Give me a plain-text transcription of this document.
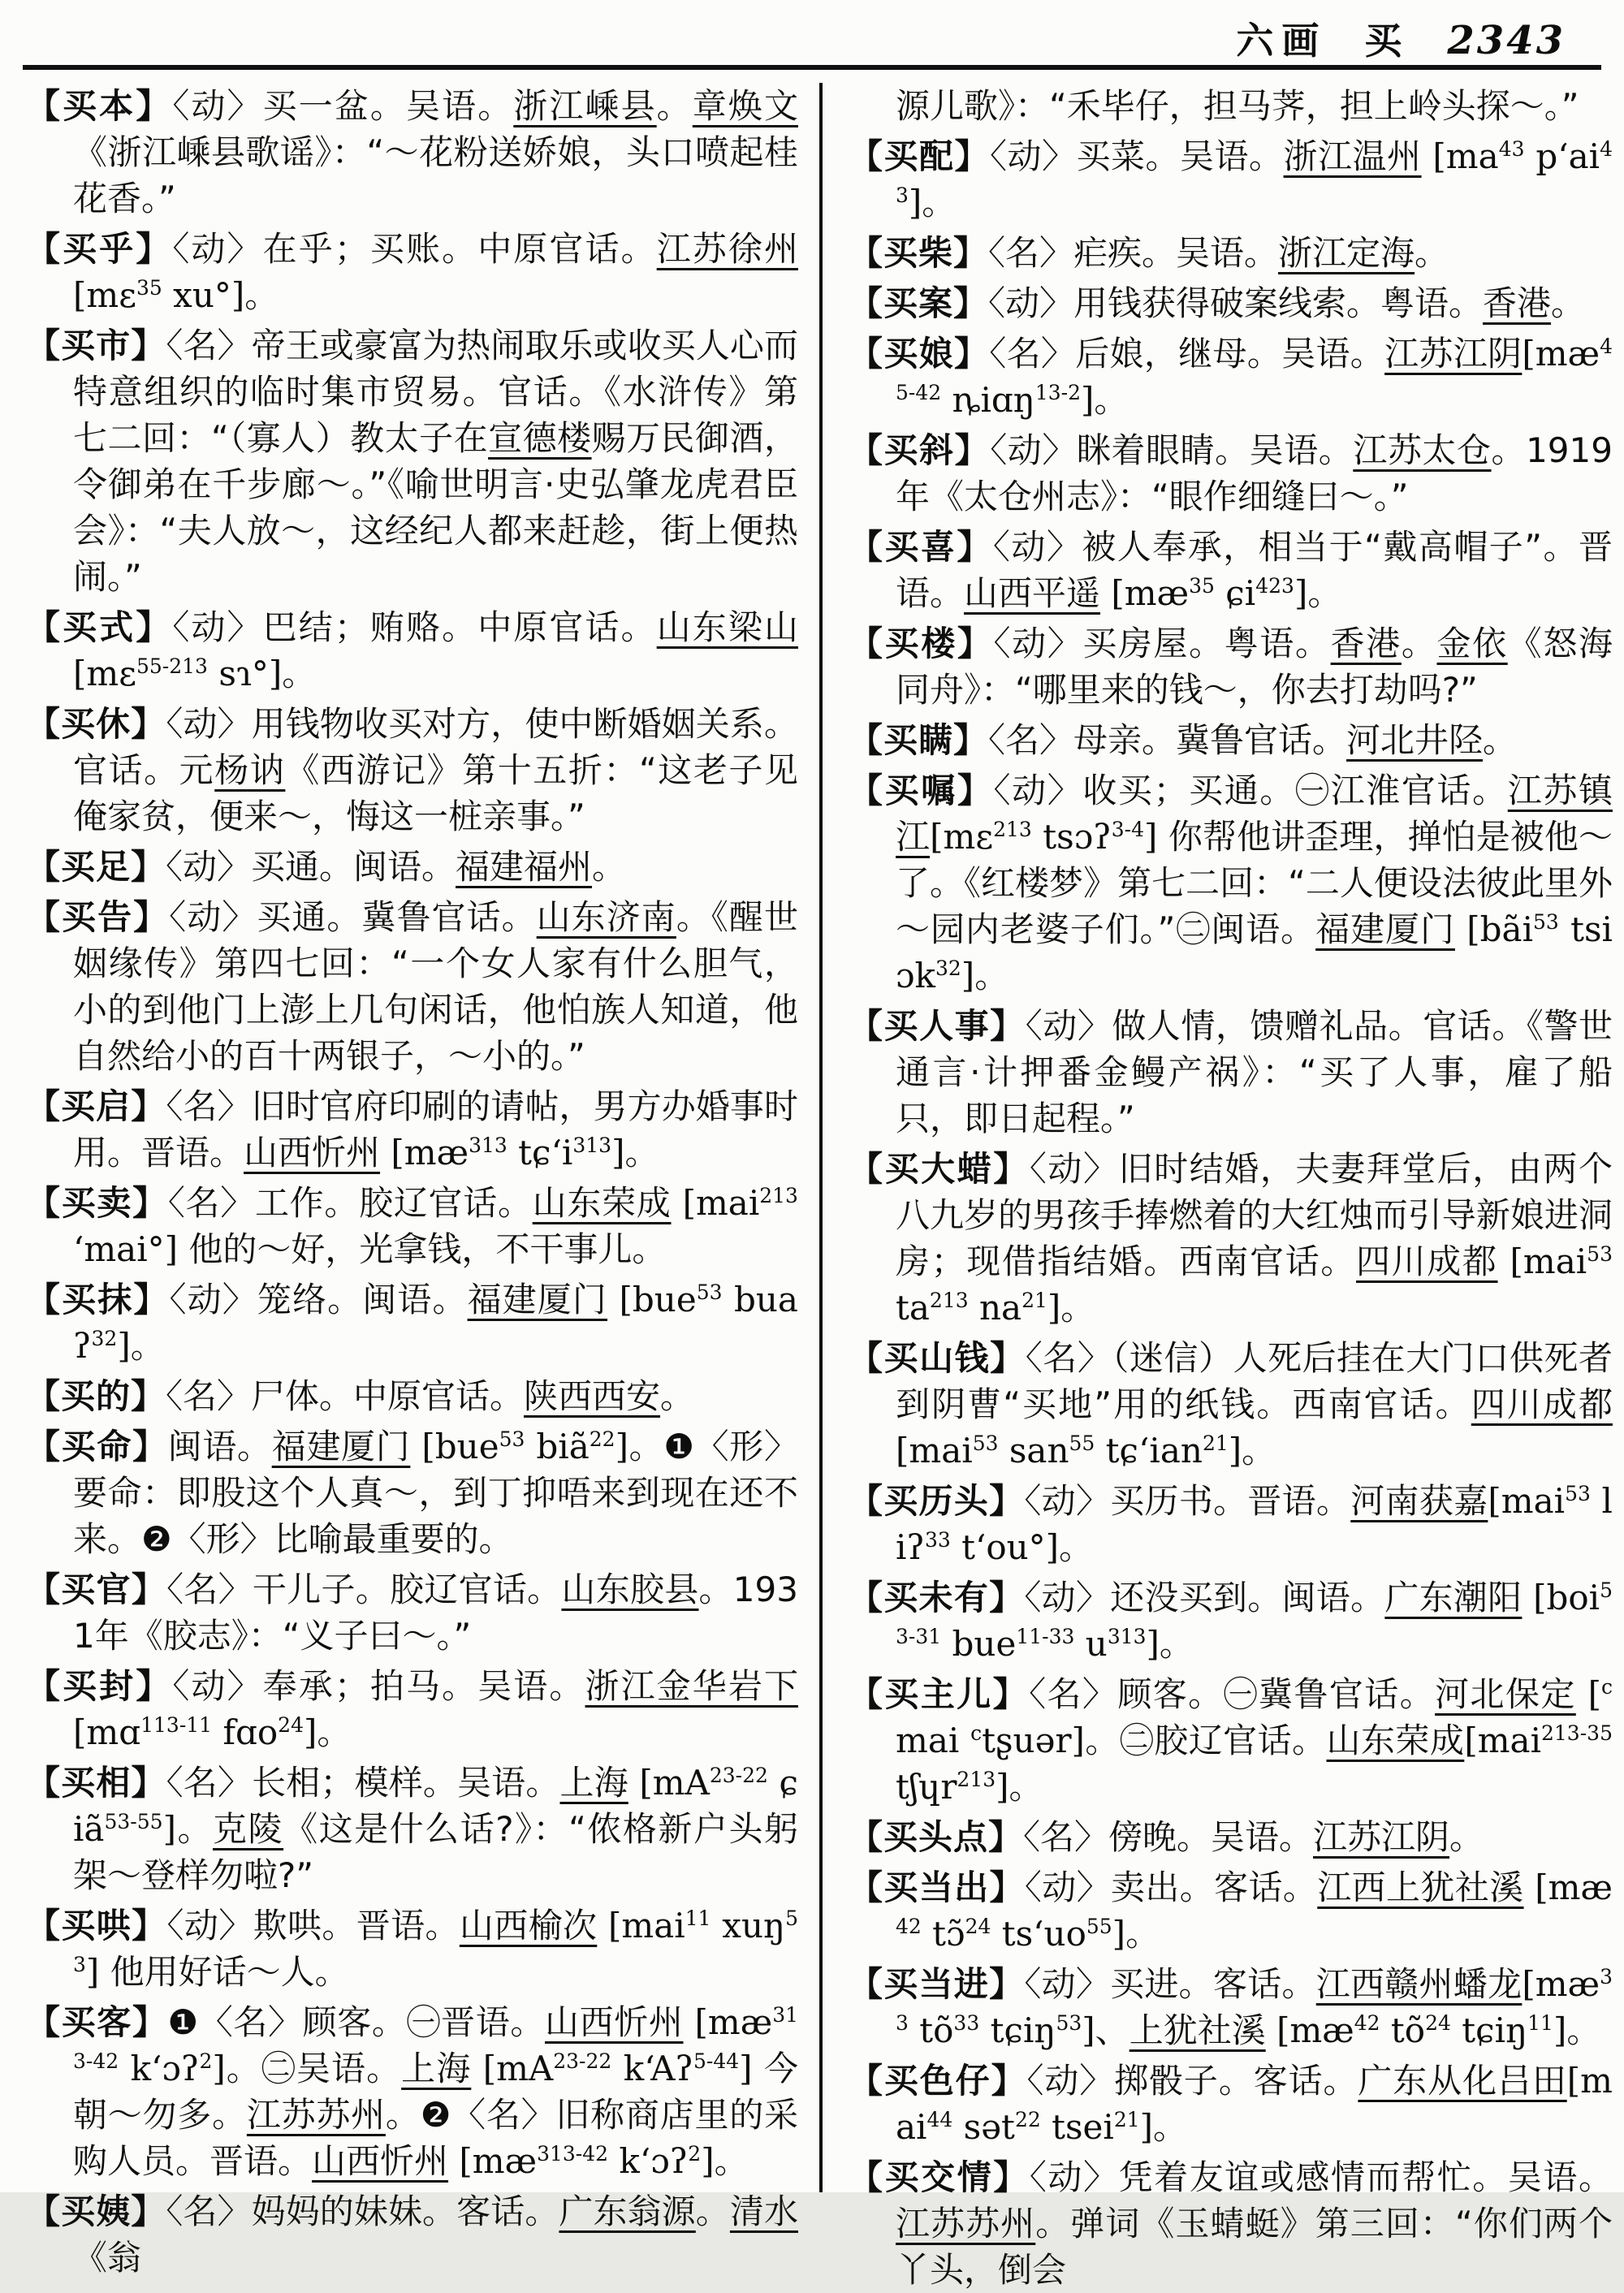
六画 买 2343

【买本】〈动〉买一盆。吴语。浙江嵊县。章焕文《浙江嵊县歌谣》：“～花粉送娇娘，头口喷起桂花香。”

【买乎】〈动〉在乎；买账。中原官话。江苏徐州 [mɛ$^{35}$ xu°]。

【买市】〈名〉帝王或豪富为热闹取乐或收买人心而特意组织的临时集市贸易。官话。《水浒传》第七二回：“（寡人）教太子在宣德楼赐万民御酒，令御弟在千步廊～。”《喻世明言·史弘肇龙虎君臣会》：“夫人放～，这经纪人都来赶趁，街上便热闹。”

【买式】〈动〉巴结；贿赂。中原官话。山东梁山[mɛ$^{55-213}$ sɿ°]。

【买休】〈动〉用钱物收买对方，使中断婚姻关系。官话。元杨讷《西游记》第十五折：“这老子见俺家贫，便来～，悔这一桩亲事。”

【买足】〈动〉买通。闽语。福建福州。

【买告】〈动〉买通。冀鲁官话。山东济南。《醒世姻缘传》第四七回：“一个女人家有什么胆气，小的到他门上澎上几句闲话，他怕族人知道，他自然给小的百十两银子，～小的。”

【买启】〈名〉旧时官府印刷的请帖，男方办婚事时用。晋语。山西忻州 [$mæ^{313}$ $tɕ‘i^{313}$]。

【买卖】〈名〉工作。胶辽官话。山东荣成 [mai$^{213}$ ‘mai°] 他的～好，光拿钱，不干事儿。

【买抹】〈动〉笼络。闽语。福建厦门 [bue$^{53}$ buaʔ$^{32}$]。

【买的】〈名〉尸体。中原官话。陕西西安。

【买命】闽语。福建厦门 [bue$^{53}$ biã$^{22}$]。❶〈形〉要命：即股这个人真～，到丁抑唔来到现在还不来。❷〈形〉比喻最重要的。

【买官】〈名〉干儿子。胶辽官话。山东胶县。1931年《胶志》：“义子曰～。”

【买封】〈动〉奉承；拍马。吴语。浙江金华岩下[mɑ$^{113-11}$ fɑo$^{24}$]。

【买相】〈名〉长相；模样。吴语。上海 [$mA^{23-22}$ ɕiã$^{53-55}$]。克陵《这是什么话?》：“侬格新户头躬架～登样勿啦?”

【买哄】〈动〉欺哄。晋语。山西榆次 [mai$^{11}$ xuŋ$^{53}$] 他用好话～人。

【买客】❶〈名〉顾客。㊀晋语。山西忻州 [$mæ^{313-42}$ k‘ɔʔ$^2$]。㊁吴语。上海 [$mA^{23-22}$ k‘Aʔ$^{5-44}$] 今朝～勿多。江苏苏州。❷〈名〉旧称商店里的采购人员。晋语。山西忻州 [$mæ^{313-42}$ k‘ɔʔ$^2$]。

【买姨】〈名〉妈妈的妹妹。客话。广东翁源。清水《翁

源儿歌》：“禾毕仔，担马荠，担上岭头探～。”

【买配】〈动〉买菜。吴语。浙江温州 [$ma^{43}$ $p‘ai^{43}$]。

【买柴】〈名〉疟疾。吴语。浙江定海。

【买案】〈动〉用钱获得破案线索。粤语。香港。

【买娘】〈名〉后娘，继母。吴语。江苏江阴[$mæ^{45-42}$ ȵiɑŋ$^{13-2}$]。

【买斜】〈动〉眯着眼睛。吴语。江苏太仓。1919年《太仓州志》：“眼作细缝曰～。”

【买喜】〈动〉被人奉承，相当于“戴高帽子”。晋语。山西平遥 [$mæ^{35}$ ɕi$^{423}$]。

【买楼】〈动〉买房屋。粤语。香港。金依《怒海同舟》：“哪里来的钱～，你去打劫吗?”

【买瞒】〈名〉母亲。冀鲁官话。河北井陉。

【买嘱】〈动〉收买；买通。㊀江淮官话。江苏镇江[mɛ$^{213}$ tsɔʔ$^{3-4}$] 你帮他讲歪理，掸怕是被他～了。《红楼梦》第七二回：“二人便设法彼此里外～园内老婆子们。”㊁闽语。福建厦门 [bãi$^{53}$ tsiɔk$^{32}$]。

【买人事】〈动〉做人情，馈赠礼品。官话。《警世通言·计押番金鳗产祸》：“买了人事，雇了船只，即日起程。”

【买大蜡】〈动〉旧时结婚，夫妻拜堂后，由两个八九岁的男孩手捧燃着的大红烛而引导新娘进洞房；现借指结婚。西南官话。四川成都 [mai$^{53}$ $ta^{213}$ $na^{21}$]。

【买山钱】〈名〉（迷信）人死后挂在大门口供死者到阴曹“买地”用的纸钱。西南官话。四川成都 [mai$^{53}$ san$^{55}$ tɕ‘ian$^{21}$]。

【买历头】〈动〉买历书。晋语。河南获嘉[mai$^{53}$ liʔ$^{33}$ t‘ou°]。

【买未有】〈动〉还没买到。闽语。广东潮阳 [boi$^{53-31}$ bue$^{11-33}$ $u^{313}$]。

【买主儿】〈名〉顾客。㊀冀鲁官话。河北保定 [$^c$mai $^c$tʂuər]。㊁胶辽官话。山东荣成[mai$^{213-35}$ tʃɥr$^{213}$]。

【买头点】〈名〉傍晚。吴语。江苏江阴。

【买当出】〈动〉卖出。客话。江西上犹社溪 [$mæ^{42}$ tɔ̃$^{24}$ $ts‘uo^{55}$]。

【买当进】〈动〉买进。客话。江西赣州蟠龙[$mæ^{33}$ $tõ^{33}$ tɕiŋ$^{53}$]、上犹社溪 [$mæ^{42}$ $tõ^{24}$ tɕiŋ$^{11}$]。

【买色仔】〈动〉掷骰子。客话。广东从化吕田[mai$^{44}$ sət$^{22}$ tsei$^{21}$]。

【买交情】〈动〉凭着友谊或感情而帮忙。吴语。江苏苏州。弹词《玉蜻蜓》第三回：“你们两个丫头，倒会
